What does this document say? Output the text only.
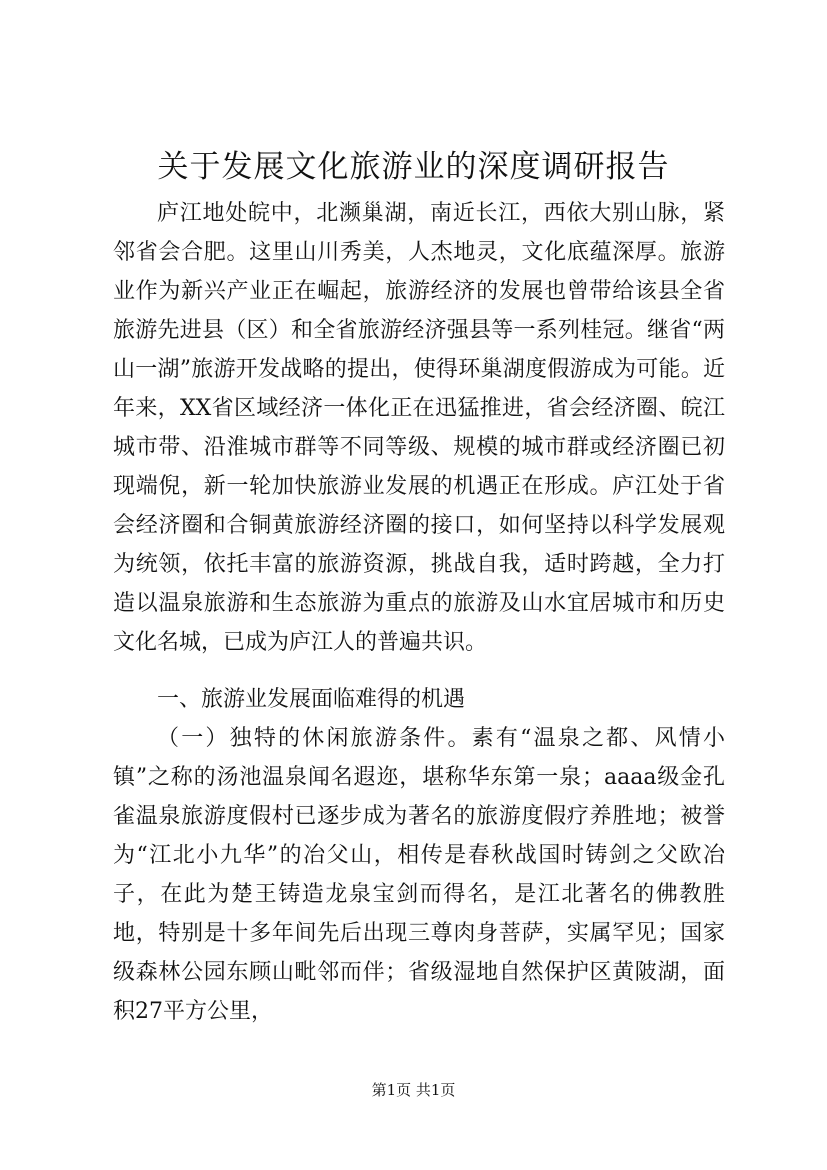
关于发展文化旅游业的深度调研报告

庐江地处皖中，北濒巢湖，南近长江，西依大别山脉，紧邻省会合肥。这里山川秀美，人杰地灵，文化底蕴深厚。旅游业作为新兴产业正在崛起，旅游经济的发展也曾带给该县全省旅游先进县（区）和全省旅游经济强县等一系列桂冠。继省“两山一湖”旅游开发战略的提出，使得环巢湖度假游成为可能。近年来，XX省区域经济一体化正在迅猛推进，省会经济圈、皖江城市带、沿淮城市群等不同等级、规模的城市群或经济圈已初现端倪，新一轮加快旅游业发展的机遇正在形成。庐江处于省会经济圈和合铜黄旅游经济圈的接口，如何坚持以科学发展观为统领，依托丰富的旅游资源，挑战自我，适时跨越，全力打造以温泉旅游和生态旅游为重点的旅游及山水宜居城市和历史文化名城，已成为庐江人的普遍共识。

一、旅游业发展面临难得的机遇

（一）独特的休闲旅游条件。素有“温泉之都、风情小镇”之称的汤池温泉闻名遐迩，堪称华东第一泉；aaaa级金孔雀温泉旅游度假村已逐步成为著名的旅游度假疗养胜地；被誉为“江北小九华”的冶父山，相传是春秋战国时铸剑之父欧冶子，在此为楚王铸造龙泉宝剑而得名，是江北著名的佛教胜地，特别是十多年间先后出现三尊肉身菩萨，实属罕见；国家级森林公园东顾山毗邻而伴；省级湿地自然保护区黄陂湖，面积27平方公里，

第1页 共1页
